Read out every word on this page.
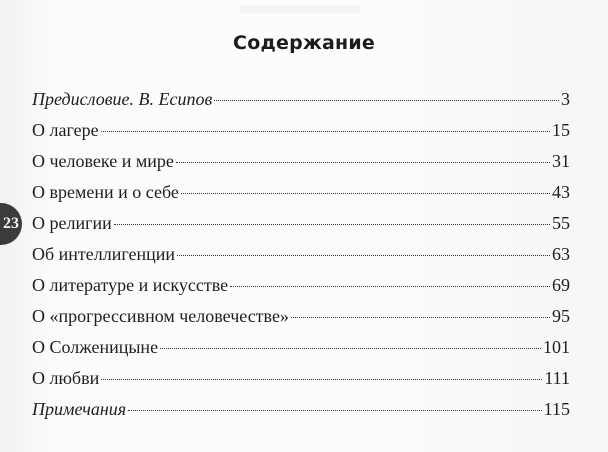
Содержание
23
Предисловие. В. Есипов	3
О лагере	15
О человеке и мире	31
О времени и о себе	43
О религии	55
Об интеллигенции	63
О литературе и искусстве	69
О «прогрессивном человечестве»	95
О Солженицыне	101
О любви	111
Примечания	115
